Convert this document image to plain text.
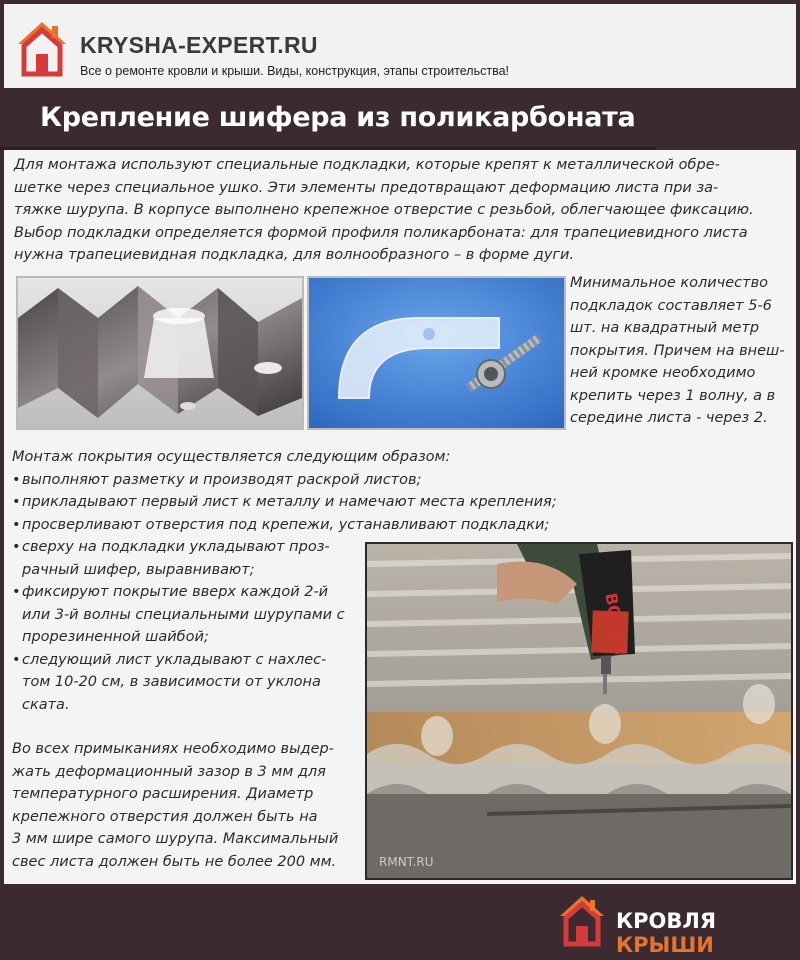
KRYSHA-EXPERT.RU
Все о ремонте кровли и крыши. Виды, конструкция, этапы строительства!
Крепление шифера из поликарбоната
Для монтажа используют специальные подкладки, которые крепят к металлической обре-
шетке через специальное ушко. Эти элементы предотвращают деформацию листа при за-
тяжке шурупа. В корпусе выполнено крепежное отверстие с резьбой, облегчающее фиксацию.
Выбор подкладки определяется формой профиля поликарбоната: для трапециевидного листа
нужна трапециевидная подкладка, для волнообразного – в форме дуги.
Минимальное количество
подкладок составляет 5-6
шт. на квадратный метр
покрытия. Причем на внеш-
ней кромке необходимо
крепить через 1 волну, а в
середине листа - через 2.
Монтаж покрытия осуществляется следующим образом:
•выполняют разметку и производят раскрой листов;
•прикладывают первый лист к металлу и намечают места крепления;
•просверливают отверстия под крепежи, устанавливают подкладки;
• сверху на подкладки укладывают проз-
рачный шифер, выравнивают;
• фиксируют покрытие вверх каждой 2-й
или 3-й волны специальными шурупами с
прорезиненной шайбой;
• следующий лист укладывают с нахлес-
том 10-20 см, в зависимости от уклона
ската.
Во всех примыканиях необходимо выдер-
жать деформационный зазор в 3 мм для
температурного расширения. Диаметр
крепежного отверстия должен быть на
3 мм шире самого шурупа. Максимальный
свес листа должен быть не более 200 мм.
BOSCH
RMNT.RU
КРОВЛЯ КРЫШИ
